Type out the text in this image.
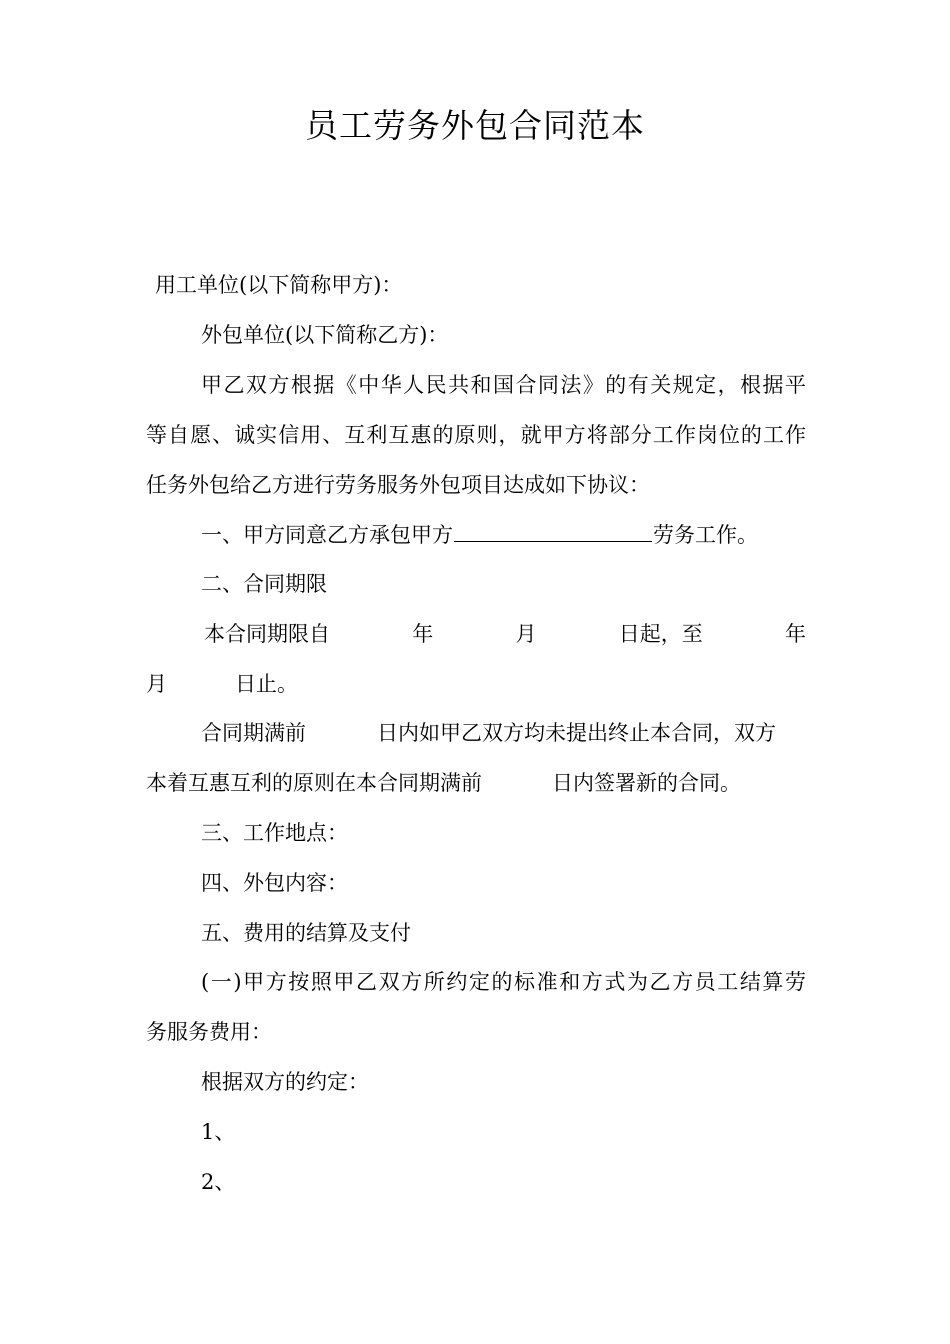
员工劳务外包合同范本
用工单位(以下简称甲方)：
外包单位(以下简称乙方)：
甲乙双方根据《中华人民共和国合同法》的有关规定，根据平
等自愿、诚实信用、互利互惠的原则，就甲方将部分工作岗位的工作
任务外包给乙方进行劳务服务外包项目达成如下协议：
一、甲方同意乙方承包甲方	劳务工作。
二、合同期限
本合同期限自	年	月	日起，至	年
月	日止。
合同期满前	日内如甲乙双方均未提出终止本合同，双方
本着互惠互利的原则在本合同期满前	日内签署新的合同。
三、工作地点：
四、外包内容：
五、费用的结算及支付
(一)甲方按照甲乙双方所约定的标准和方式为乙方员工结算劳
务服务费用：
根据双方的约定：
1、
2、
